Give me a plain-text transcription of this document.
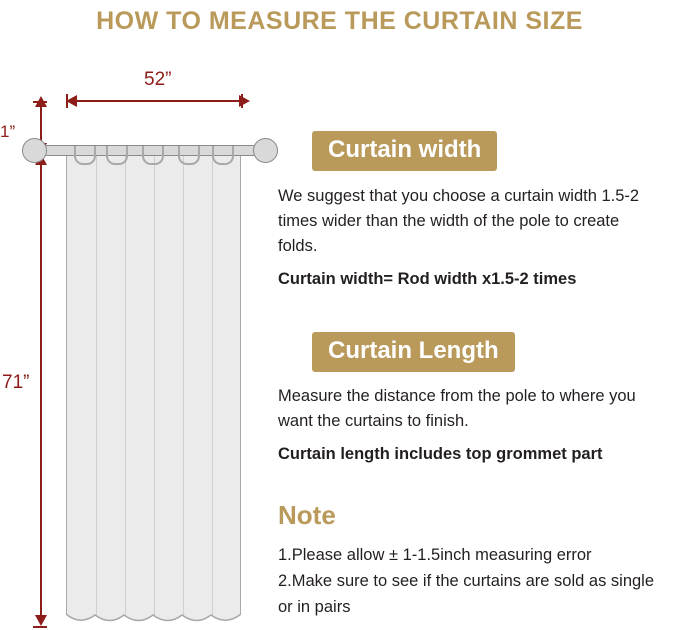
HOW TO MEASURE THE CURTAIN SIZE
52”
1”
71”
Curtain width
We suggest that you choose a curtain width 1.5-2 times wider than the width of the pole to create folds.
Curtain width= Rod width x1.5-2 times
Curtain Length
Measure the distance from the pole to where you want the curtains to finish.
Curtain length includes top grommet part
Note
1.Please allow ± 1-1.5inch measuring error
2.Make sure to see if the curtains are sold as single or in pairs
